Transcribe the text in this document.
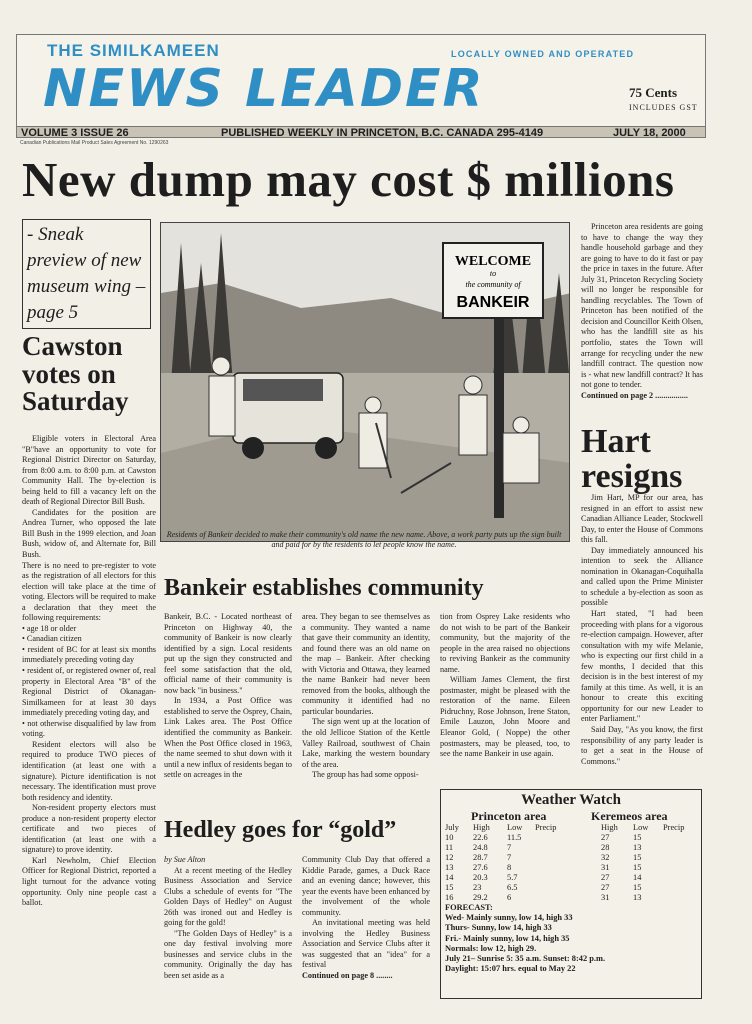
THE SIMILKAMEEN	LOCALLY OWNED AND OPERATED
NEWS LEADER	75 Cents
INCLUDES GST
VOLUME 3 ISSUE 26	PUBLISHED WEEKLY IN PRINCETON, B.C. CANADA 295-4149	JULY 18, 2000
Canadian Publications Mail Product Sales Agreement No. 1290263
New dump may cost $ millions
- Sneak preview of new museum wing – page 5
Cawston votes on Saturday

Eligible voters in Electoral Area "B"have an opportunity to vote for Regional District Director on Saturday, from 8:00 a.m. to 8:00 p.m. at Cawston Community Hall. The by-election is being held to fill a vacancy left on the death of Regional Director Bill Bush.

Candidates for the position are Andrea Turner, who opposed the late Bill Bush in the 1999 election, and Joan Bush, widow of, and Alternate for, Bill Bush.

There is no need to pre-register to vote as the registration of all electors for this election will take place at the time of voting. Electors will be required to make a declaration that they meet the following requirements:

• age 18 or older

• Canadian citizen

• resident of BC for at least six months immediately preceding voting day

• resident of, or registered owner of, real property in Electoral Area "B" of the Regional District of Okanagan-Similkameen for at least 30 days immediately preceding voting day, and

• not otherwise disqualified by law from voting.

Resident electors will also be required to produce TWO pieces of identification (at least one with a signature). Picture identification is not necessary. The identification must prove both residency and identity.

Non-resident property electors must produce a non-resident property elector certificate and two pieces of identification (at least one with a signature) to prove identity.

Karl Newholm, Chief Election Officer for Regional District, reported a light turnout for the advance voting opportunity. Only nine people cast a ballot.

WELCOME
to
the community of
BANKEIR
Residents of Bankeir decided to make their community's old name the new name. Above, a work party puts up the sign built and paid for by the residents to let people know the name.

Princeton area residents are going to have to change the way they handle household garbage and they are going to have to do it fast or pay the price in taxes in the future. After July 31, Princeton Recycling Society will no longer be responsible for handling recyclables. The Town of Princeton has been notified of the decision and Councillor Keith Olsen, who has the landfill site as his portfolio, states the Town will arrange for recycling under the new landfill contract. The question now is - what new landfill contract? It has not gone to tender.

Continued on page 2 ................

Hart resigns

Jim Hart, MP for our area, has resigned in an effort to assist new Canadian Alliance Leader, Stockwell Day, to enter the House of Commons this fall.

Day immediately announced his intention to seek the Alliance nomination in Okanagan-Coquihalla and called upon the Prime Minister to schedule a by-election as soon as possible

Hart stated, "I had been proceeding with plans for a vigorous re-election campaign. However, after consultation with my wife Melanie, who is expecting our first child in a few months, I decided that this decision is in the best interest of my family at this time. As well, it is an honour to create this exciting opportunity for our new Leader to enter Parliament."

Said Day, "As you know, the first responsibility of any party leader is to get a seat in the House of Commons."

Bankeir establishes community

Bankeir, B.C. - Located northeast of Princeton on Highway 40, the community of Bankeir is now clearly identified by a sign. Local residents put up the sign they constructed and feel some satisfaction that the old, official name of their community is now back "in business."

In 1934, a Post Office was established to serve the Osprey, Chain, Link Lakes area. The Post Office identified the community as Bankeir. When the Post Office closed in 1963, the name seemed to shut down with it until a new influx of residents began to settle on acreages in the

area. They began to see themselves as a community. They wanted a name that gave their community an identity, and found there was an old name on the map – Bankeir. After checking with Victoria and Ottawa, they learned the name Bankeir had never been removed from the books, although the community it identified had no particular boundaries.

The sign went up at the location of the old Jellicoe Station of the Kettle Valley Railroad, southwest of Chain Lake, marking the western boundary of the area.

The group has had some opposi-

tion from Osprey Lake residents who do not wish to be part of the Bankeir community, but the majority of the people in the area raised no objections to reviving Bankeir as the community name.

William James Clement, the first postmaster, might be pleased with the restoration of the name. Eileen Pidruchny, Rose Johnson, Irene Staton, Emile Lauzon, John Moore and Eleanor Gold, ( Noppe) the other postmasters, may be pleased, too, to see the name Bankeir in use again.

Hedley goes for “gold”

by Sue Alton

At a recent meeting of the Hedley Business Association and Service Clubs a schedule of events for "The Golden Days of Hedley" on August 26th was ironed out and Hedley is going for the gold!

"The Golden Days of Hedley" is a one day festival involving more businesses and service clubs in the community. Originally the day has been set aside as a

Community Club Day that offered a Kiddie Parade, games, a Duck Race and an evening dance; however, this year the events have been enhanced by the involvement of the whole community.

An invitational meeting was held involving the Hedley Business Association and Service Clubs after it was suggested that an "idea" for a festival

Continued on page 8 ........

Weather Watch
Princeton area	Keremeos area
July	High	Low	Precip	High	Low	Precip
10	22.6	11.5		27	15	
11	24.8	7		28	13	
12	28.7	7		32	15	
13	27.6	8		31	15	
14	20.3	5.7		27	14	
15	23	6.5		27	15	
16	29.2	6		31	13	
FORECAST:
Wed- Mainly sunny, low 14, high 33
Thurs- Sunny, low 14, high 33
Fri.- Mainly sunny, low 14, high 35
Normals: low 12, high 29.
July 21– Sunrise 5: 35 a.m. Sunset: 8:42 p.m.
Daylight: 15:07 hrs. equal to May 22
